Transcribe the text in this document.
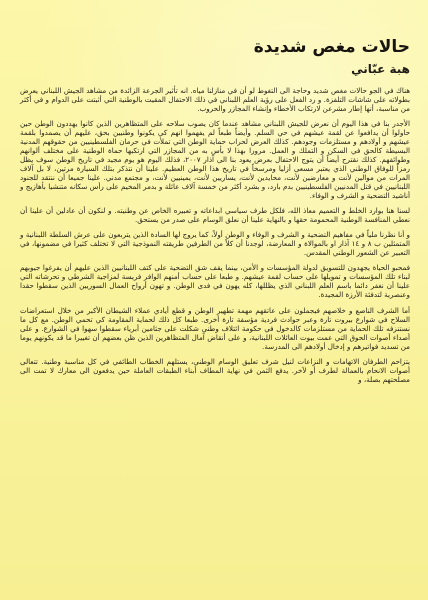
حالات مغص شديدة
هبة عبّاني

هناك في الجو حالات مغص شديد وحاجة الى التغوط لو أن في منازلنا مياه. انه تأثير الجرعة الزائدة من مشاهد الجيش اللبناني يعرض بطولاته على شاشات التلفزة. و رد الفعل على رؤية العلم اللبناني في ذلك الاحتفال المقيت بالوطنية التي أثبتت على الدوام و في أكثر من مناسبة، أنها إطار مشرعن لارتكاب الأخطاء وإنشاء المجازر والحروب.

الأجدر بنا في هذا اليوم أن نعرض للجيش اللبناني مشاهد عندما كان يصوب سلاحه على المتظاهرين الذين كانوا يهددون الوطن حين حاولوا أن يدافعوا عن لقمة عيشهم في حي السلم. وأيضاً طبعاً لم يفهموا انهم كي يكونوا وطنيين بحق، عليهم أن يصمدوا بلقمة عيشهم و أولادهم و مستلزمات وجودهم. كذلك العرض لحراب حماية الوطن التي تملأت في حرمان الفلسطينيين من حقوقهم المدنية البسيطة كالحق في السكن و التملك و العمل. مرورا بهذا لا بأس به من المجازر التي ارتكبها حماة الوطنية على مختلف ألوانهم وطوائفهم. كذلك نقترح أيضاً أن يتوج الاحتفال بعرض يعود بنا الى آذار ٢٠٠٧، فذلك اليوم هو يوم مجيد في تاريخ الوطن سوف يظل رمزاً للوفاق الوطني الذي يعتبر مسعى أزليا ومرسخاً في تاريخ هذا الوطن العظيم. علينا أن نتذكر بتلك السيارة مرتين، لا بل آلاف المرات من موالين لأنت و معارضين لأنت، محايدين لأنت، يساريين لأنت، يمينيين لأنت، و مجتمع مدني. علينا جميعا أن ننتقد للجنود اللبنانيين في قتل المدنيين الفلسطينيين بدم بارد، و بشرد أكثر من خمسة آلاف عائلة و بدمر المخيم على رأس سكانه متنشيا بأهازيج و أناشيد التضحية و الشرف و الوفاء.

لسنا هنا بوارد الخلط و التعميم معاذ الله، فلكل طرف سياسي ابداعاته و تعبيره الخاص عن وطنيته. و لنكون أن عادلين أن علينا أن نعطي المنافسة الوطنية المحمومة حقها و بالنهاية علينا أن نعلق الوسام على صدر من يستحق.

و أنا نظرنا ملياً في مفاهيم التضحية و الشرف و الوفاء و الوطن أولاً، كما يروج لها السادة الذين يتربعون على عرش السلطة اللبنانية و المتمثلين ب ٨ و ١٤ آذار او بالموالاة و المعارضة، لوجدنا أن كلاً من الطرفين طريقته النموذجية التي لا تختلف كثيرا في مضمونها، في التعبير عن الشعور الوطني المقدس.

فمحبو الحياة يجهدون للتسويق لدولة المؤسسات و الأمن، بينما يقف شق التضحية على كتف اللبنانيين الذين عليهم أن يفرغوا جيوبهم لبناء تلك المؤسسات و تمويلها على حساب لقمة عيشهم. و طبعا على حساب أمنهم الوافر فريسة لمزاجية الشرطي و تحرشاته التي علينا أن نغفر دائما باسم العلم اللبناني الذي يظللها، كله يهون في فدى الوطن. و تهون أرواح العمال السوريين الذين سقطوا حقدا وعنصرية لتدفئة الأرزة المجيدة.

أما الشرف الناصع و خلاصهم فيجملون على عاتقهم مهمة تطهير الوطن و قطع أيادي عملاء الشيطان الأكبر من خلال استعراضات السلاح في شوارع بيروت تارة وعبر حوادث فردية مؤسفة تارة أخرى. طبعا كل ذلك لحماية المقاومة كي تحمي الوطن. مع كل ما نستنزفه تلك الحماية من مستلزمات كالدخول في حكومة ائتلاف وطني شكلت على جثامين أبرياء سقطوا سهوا في الشوارع. و على أصداء أصوات الحوق التي عمت بيوت العائلات اللبنانية، و على أنقاض آمال المتظاهرين الذين ظن بعضهم أن تغييرا ما قد يكونهم يوما من تسديد فواتيرهم و إدخال أولادهم الى المدرسة.

يتزاحم الطرفان الاتهامات و النزاعات لنيل شرف تعليق الوسام الوطني، يستلهم الخطاب الطائفي في كل مناسبة وطنية. تتعالى أصوات الانحام بالعمالة لطرف أو لآخر. يدفع الثمن في نهاية المطاف أبناء الطبقات العاملة حين يدفعون الى معارك لا تمت الى مصلحتهم بصلة، و
